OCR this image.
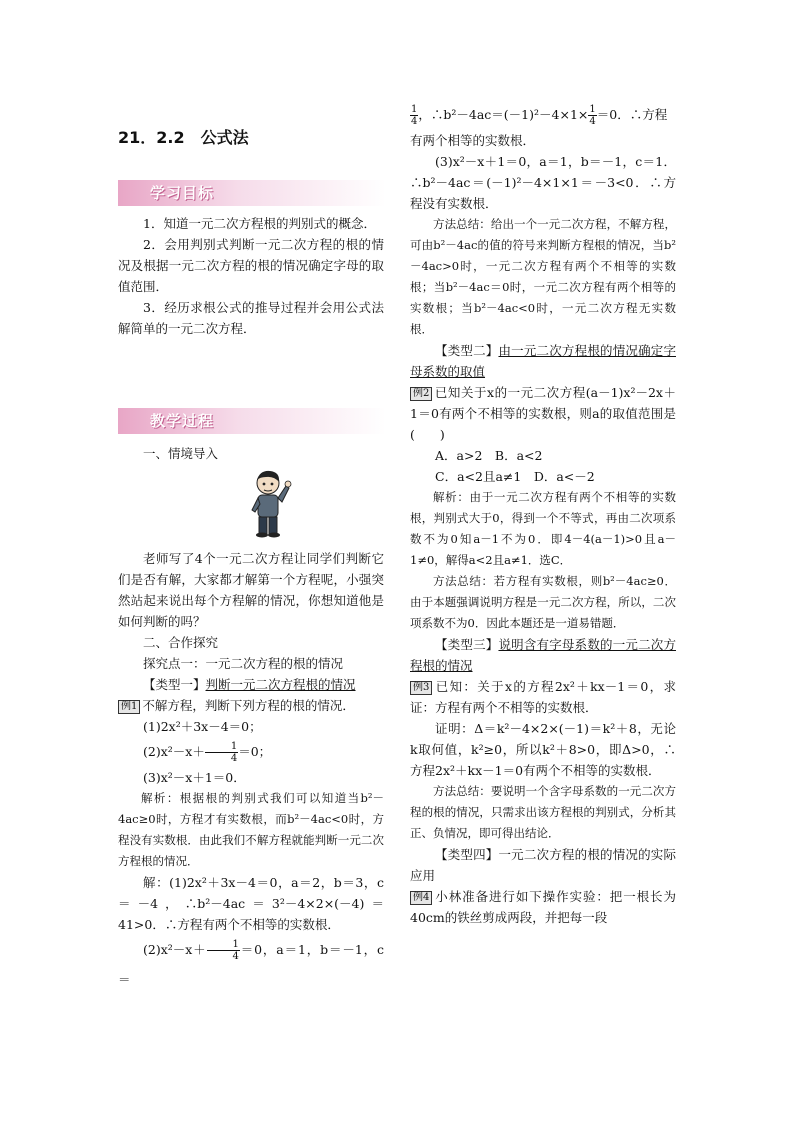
21．2.2　公式法
学习目标

1．知道一元二次方程根的判别式的概念．

2．会用判别式判断一元二次方程的根的情况及根据一元二次方程的根的情况确定字母的取值范围．

3．经历求根公式的推导过程并会用公式法解简单的一元二次方程．

教学过程

一、情境导入

老师写了4个一元二次方程让同学们判断它们是否有解，大家都才解第一个方程呢，小强突然站起来说出每个方程解的情况，你想知道他是如何判断的吗？

二、合作探究

探究点一：一元二次方程的根的情况

【类型一】判断一元二次方程根的情况

例1 不解方程，判断下列方程的根的情况．

(1)2x²＋3x－4＝0；

$(2)x^2-x+ \frac{1}{4} =0$；

(3)x²－x＋1＝0．

解析：根据根的判别式我们可以知道当b²－4ac≥0时，方程才有实数根，而b²－4ac<0时，方程没有实数根．由此我们不解方程就能判断一元二次方程根的情况．

解：(1)2x²＋3x－4＝0，a＝2，b＝3，c＝－4，∴b²－4ac＝3²－4×2×(－4)＝41>0．∴方程有两个不相等的实数根．

$(2)x^2-x+ \frac{1}{4} =0$，a＝1，b＝－1，c＝

$\frac{1}{4}$ ，∴b²－4ac＝(－1)²－4×1× $\frac{1}{4} =0$．∴方程

有两个相等的实数根．

(3)x²－x＋1＝0，a＝1，b＝－1，c＝1．∴b²－4ac＝(－1)²－4×1×1＝－3<0．∴方程没有实数根．

方法总结：给出一个一元二次方程，不解方程，可由b²－4ac的值的符号来判断方程根的情况，当b²－4ac>0时，一元二次方程有两个不相等的实数根；当b²－4ac＝0时，一元二次方程有两个相等的实数根；当b²－4ac<0时，一元二次方程无实数根．

【类型二】由一元二次方程根的情况确定字母系数的取值

例2 已知关于x的一元二次方程(a－1)x²－2x＋1＝0有两个不相等的实数根，则a的取值范围是(　　)

A．a>2　B．a<2

C．a<2且a≠1　D．a<－2

解析：由于一元二次方程有两个不相等的实数根，判别式大于0，得到一个不等式，再由二次项系数不为0知a－1不为0．即4－4(a－1)>0且a－1≠0，解得a<2且a≠1．选C．

方法总结：若方程有实数根，则b²－4ac≥0．由于本题强调说明方程是一元二次方程，所以，二次项系数不为0．因此本题还是一道易错题．

【类型三】说明含有字母系数的一元二次方程根的情况

例3 已知：关于x的方程2x²＋kx－1＝0，求证：方程有两个不相等的实数根．

证明：Δ＝k²－4×2×(－1)＝k²＋8，无论k取何值，k²≥0，所以k²＋8>0，即Δ>0，∴方程2x²＋kx－1＝0有两个不相等的实数根．

方法总结：要说明一个含字母系数的一元二次方程的根的情况，只需求出该方程根的判别式，分析其正、负情况，即可得出结论．

【类型四】一元二次方程的根的情况的实际应用

例4 小林准备进行如下操作实验：把一根长为40cm的铁丝剪成两段，并把每一段
